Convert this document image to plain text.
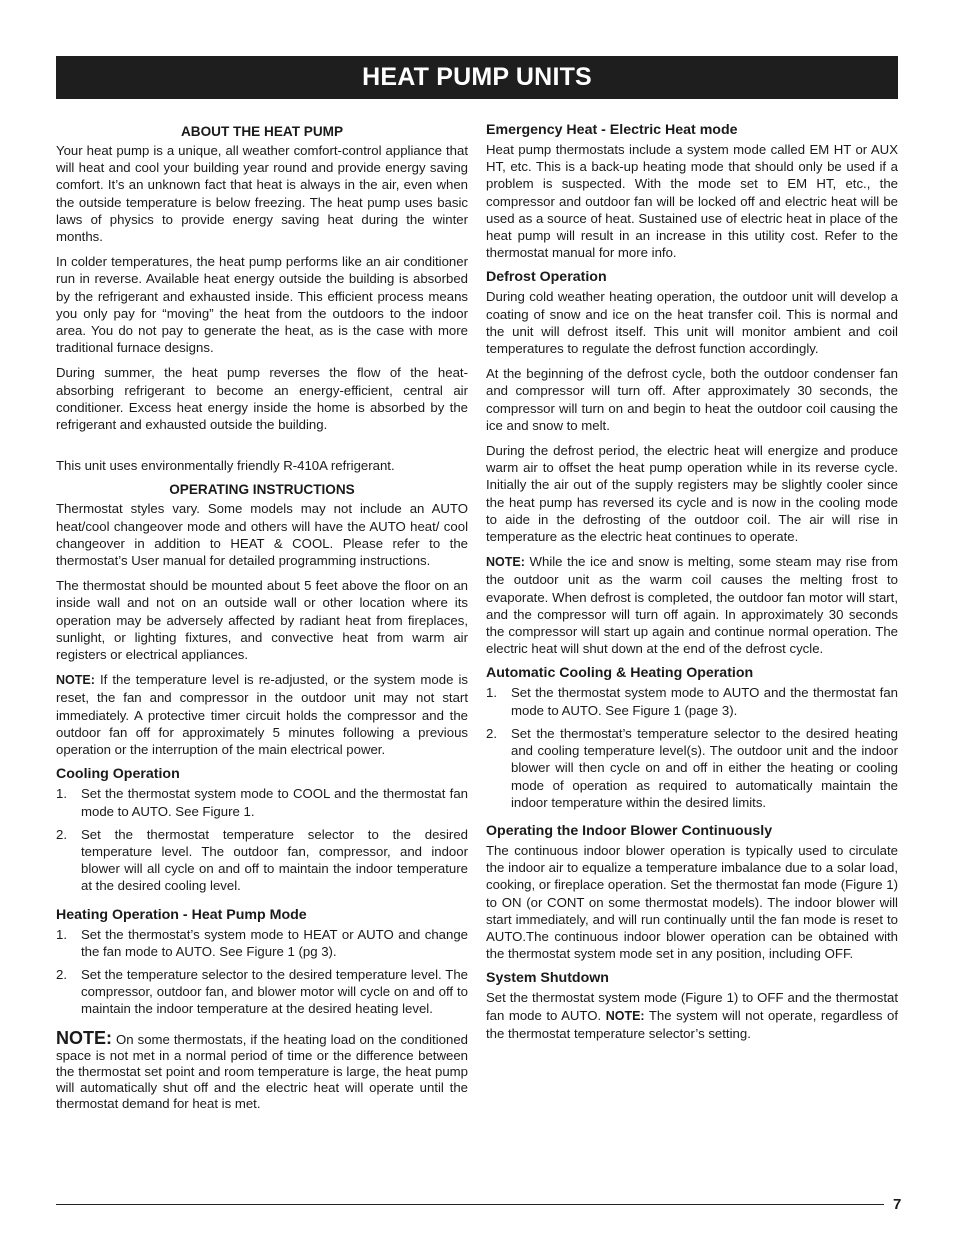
HEAT PUMP UNITS
ABOUT THE HEAT PUMP

Your heat pump is a unique, all weather comfort-control appliance that will heat and cool your building year round and provide energy saving comfort. It’s an unknown fact that heat is always in the air, even when the outside temperature is below freezing. The heat pump uses basic laws of physics to provide energy saving heat during the winter months.

In colder temperatures, the heat pump performs like an air conditioner run in reverse. Available heat energy outside the building is absorbed by the refrigerant and exhausted inside. This efficient process means you only pay for “moving” the heat from the outdoors to the indoor area. You do not pay to generate the heat, as is the case with more traditional furnace designs.

During summer, the heat pump reverses the flow of the heat-absorbing refrigerant to become an energy-efficient, central air conditioner. Excess heat energy inside the home is absorbed by the refrigerant and exhausted outside the building.

This unit uses environmentally friendly R-410A refrigerant.

OPERATING INSTRUCTIONS

Thermostat styles vary. Some models may not include an AUTO heat/cool changeover mode and others will have the AUTO heat/ cool changeover in addition to HEAT & COOL. Please refer to the thermostat’s User manual for detailed programming instructions.

The thermostat should be mounted about 5 feet above the floor on an inside wall and not on an outside wall or other location where its operation may be adversely affected by radiant heat from fireplaces, sunlight, or lighting fixtures, and convective heat from warm air registers or electrical appliances.

NOTE: If the temperature level is re-adjusted, or the system mode is reset, the fan and compressor in the outdoor unit may not start immediately. A protective timer circuit holds the compressor and the outdoor fan off for approximately 5 minutes following a previous operation or the interruption of the main electrical power.

Cooling Operation
1. Set the thermostat system mode to COOL and the thermostat fan mode to AUTO. See Figure 1.
2. Set the thermostat temperature selector to the desired temperature level. The outdoor fan, compressor, and indoor blower will all cycle on and off to maintain the indoor temperature at the desired cooling level.
Heating Operation - Heat Pump Mode
1. Set the thermostat’s system mode to HEAT or AUTO and change the fan mode to AUTO. See Figure 1 (pg 3).
2. Set the temperature selector to the desired temperature level. The compressor, outdoor fan, and blower motor will cycle on and off to maintain the indoor temperature at the desired heating level.

NOTE: On some thermostats, if the heating load on the conditioned space is not met in a normal period of time or the difference between the thermostat set point and room temperature is large, the heat pump will automatically shut off and the electric heat will operate until the thermostat demand for heat is met.

Emergency Heat - Electric Heat mode

Heat pump thermostats include a system mode called EM HT or AUX HT, etc. This is a back-up heating mode that should only be used if a problem is suspected. With the mode set to EM HT, etc., the compressor and outdoor fan will be locked off and electric heat will be used as a source of heat. Sustained use of electric heat in place of the heat pump will result in an increase in this utility cost. Refer to the thermostat manual for more info.

Defrost Operation

During cold weather heating operation, the outdoor unit will develop a coating of snow and ice on the heat transfer coil. This is normal and the unit will defrost itself. This unit will monitor ambient and coil temperatures to regulate the defrost function accordingly.

At the beginning of the defrost cycle, both the outdoor condenser fan and compressor will turn off. After approximately 30 seconds, the compressor will turn on and begin to heat the outdoor coil causing the ice and snow to melt.

During the defrost period, the electric heat will energize and produce warm air to offset the heat pump operation while in its reverse cycle. Initially the air out of the supply registers may be slightly cooler since the heat pump has reversed its cycle and is now in the cooling mode to aide in the defrosting of the outdoor coil. The air will rise in temperature as the electric heat continues to operate.

NOTE: While the ice and snow is melting, some steam may rise from the outdoor unit as the warm coil causes the melting frost to evaporate. When defrost is completed, the outdoor fan motor will start, and the compressor will turn off again. In approximately 30 seconds the compressor will start up again and continue normal operation. The electric heat will shut down at the end of the defrost cycle.

Automatic Cooling & Heating Operation
1. Set the thermostat system mode to AUTO and the thermostat fan mode to AUTO. See Figure 1 (page 3).
2. Set the thermostat’s temperature selector to the desired heating and cooling temperature level(s). The outdoor unit and the indoor blower will then cycle on and off in either the heating or cooling mode of operation as required to automatically maintain the indoor temperature within the desired limits.
Operating the Indoor Blower Continuously

The continuous indoor blower operation is typically used to circulate the indoor air to equalize a temperature imbalance due to a solar load, cooking, or fireplace operation. Set the thermostat fan mode (Figure 1) to ON (or CONT on some thermostat models). The indoor blower will start immediately, and will run continually until the fan mode is reset to AUTO.The continuous indoor blower operation can be obtained with the thermostat system mode set in any position, including OFF.

System Shutdown

Set the thermostat system mode (Figure 1) to OFF and the thermostat fan mode to AUTO. NOTE: The system will not operate, regardless of the thermostat temperature selector’s setting.

7
